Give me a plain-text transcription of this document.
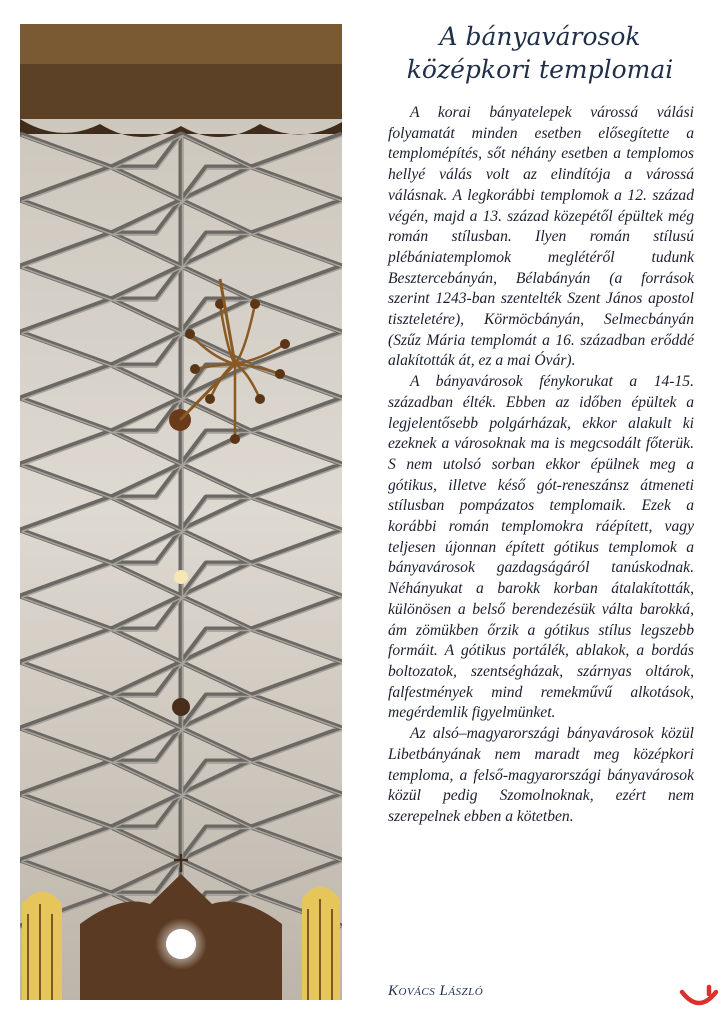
A bányavárosok
középkori templomai

A korai bányatelepek várossá válási folyamatát minden esetben elősegítette a templomépítés, sőt néhány esetben a templomos hellyé válás volt az elindítója a várossá válásnak. A legkorábbi templomok a 12. század végén, majd a 13. század közepétől épültek még román stílusban. Ilyen román stílusú plébániatemplomok meglétéről tudunk Besztercebányán, Bélabányán (a források szerint 1243-ban szentelték Szent János apostol tiszteletére), Körmöcbányán, Selmecbányán (Szűz Mária templomát a 16. században erőddé alakították át, ez a mai Óvár).

A bányavárosok fénykorukat a 14-15. században élték. Ebben az időben épültek a legjelentősebb polgárházak, ekkor alakult ki ezeknek a városoknak ma is megcsodált főterük. S nem utolsó sorban ekkor épülnek meg a gótikus, illetve késő gót-reneszánsz átmeneti stílusban pompázatos templomaik. Ezek a korábbi román templomokra ráépített, vagy teljesen újonnan épített gótikus templomok a bányavárosok gazdagságáról tanúskodnak. Néhányukat a barokk korban átalakították, különösen a belső berendezésük válta barokká, ám zömükben őrzik a gótikus stílus legszebb formáit. A gótikus portálék, ablakok, a bordás boltozatok, szentségházak, szárnyas oltárok, falfestmények mind remekművű alkotások, megérdemlik figyelmünket.

Az alsó–magyarországi bányavárosok közül Libetbányának nem maradt meg középkori temploma, a felső-magyarországi bányavárosok közül pedig Szomolnoknak, ezért nem szerepelnek ebben a kötetben.

Kovács László
